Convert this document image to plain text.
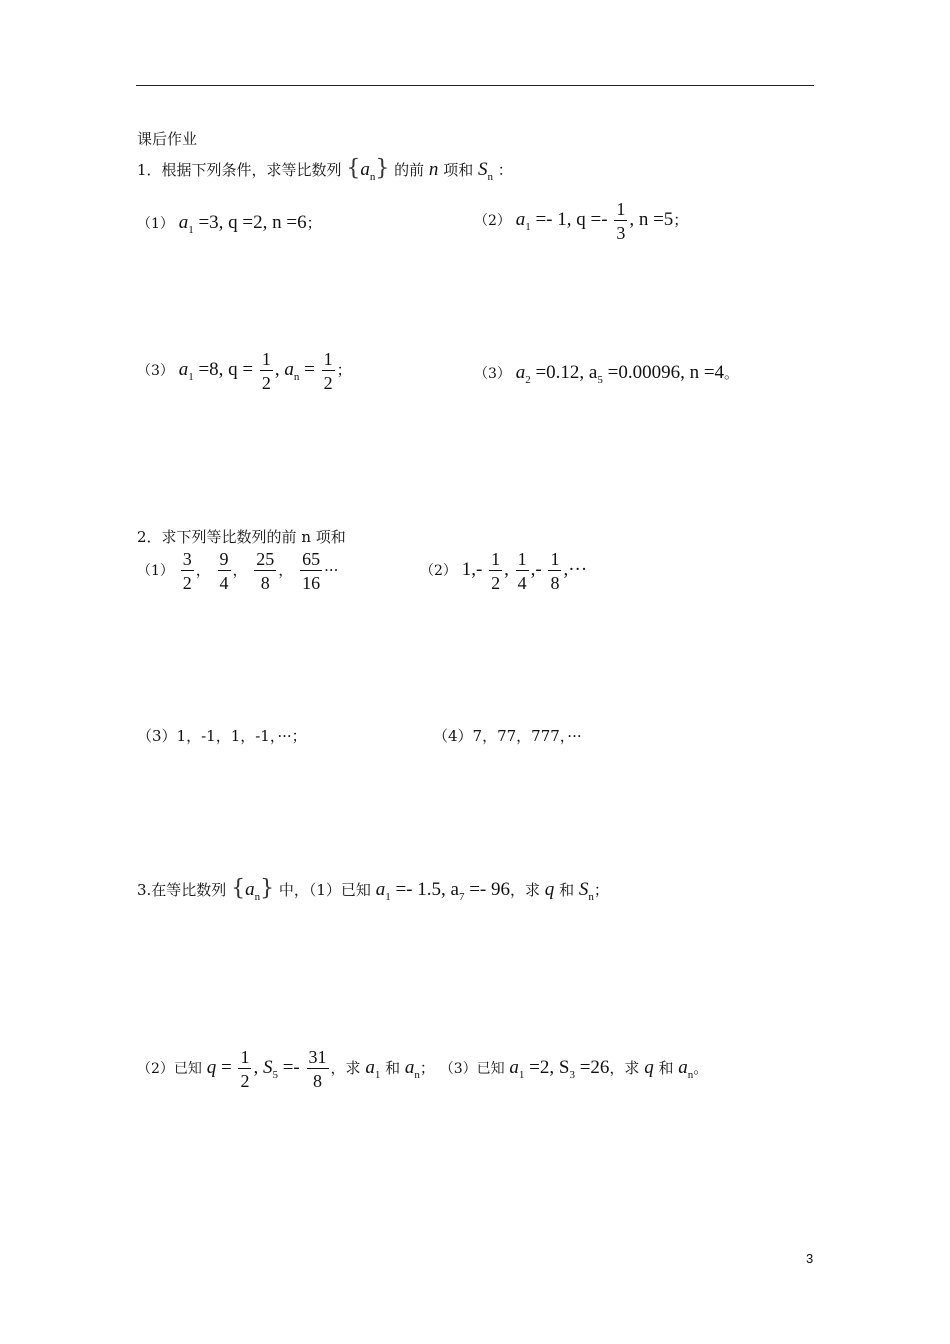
课后作业
1．根据下列条件，求等比数列 $\{a_n\}$ 的前 n 项和 $S_n$ ：
（1） $a_1 =3$, q =2, n =6；	（2） $a_1 =- 1$, $q =- \frac{1}{3}$ , n =5；
（3） $a_1 =8$, $q = \frac{1}{2}$ , $a_n = \frac{1}{2}$ ；	（3） $a_2 =0.12$, $a_5 =0.00096$, n =4。
2．求下列等比数列的前 n 项和
$(1) \frac{3}{2}$ ， $\frac{9}{4}$ ， $\frac{25}{8}$ ， $\frac{65}{16}$ ···	（2） $1,- \frac{1}{2}$ , $\frac{1}{4}$ ,- $\frac{1}{8}$ ,···
（3）1，-1，1，-1，···；	（4）7，77，777，···
3.在等比数列 $\{a_n\}$ 中，（1）已知 $a_1 =- 1.5$, $a_7 =- 96$，求 q 和 $S_n$；
（2）已知 $q = \frac{1}{2}$ , $S_5 =- \frac{31}{8}$ ，求 $a_1$ 和 $a_n$； （3）已知 $a_1 =2$, $S_3 =26$，求 q 和 $a_n$。
3
